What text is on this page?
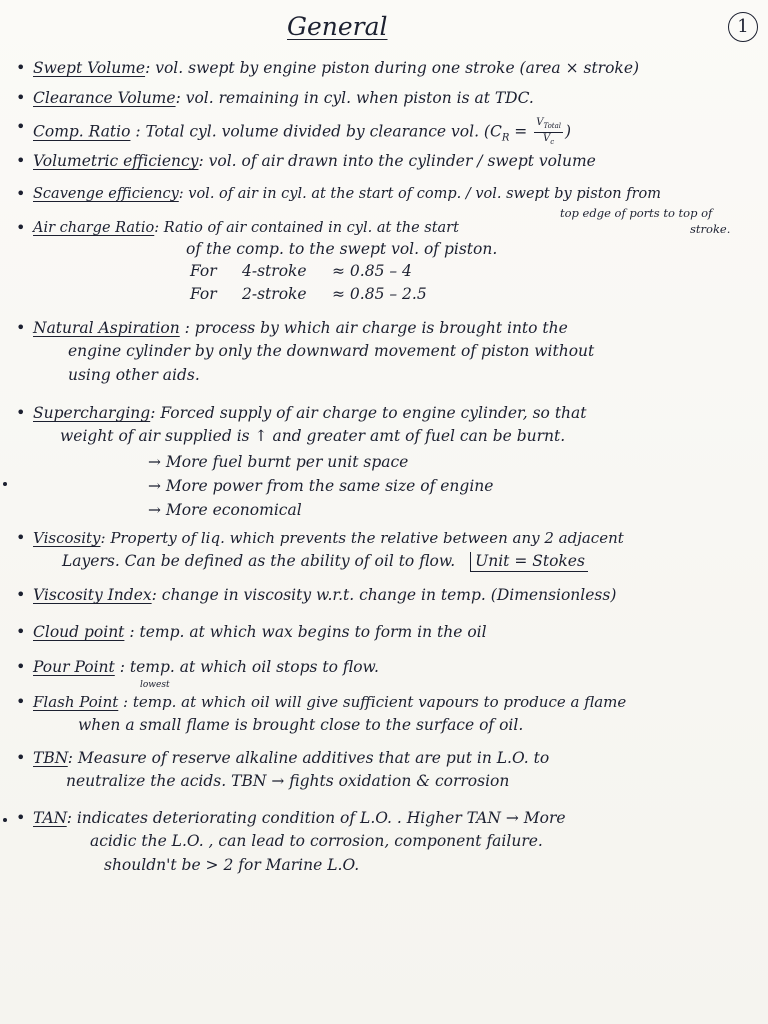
General	1
• Swept Volume: vol. swept by engine piston during one stroke (area × stroke)
• Clearance Volume: vol. remaining in cyl. when piston is at TDC.
• Comp. Ratio : Total cyl. volume divided by clearance vol. ($C_R = \frac{V_{Total}}{V_c}$ )
• Volumetric efficiency: vol. of air drawn into the cylinder / swept volume
• Scavenge efficiency: vol. of air in cyl. at the start of comp. / vol. swept by piston from
top edge of ports to top of
stroke.
• Air charge Ratio: Ratio of air contained in cyl. at the start
of the comp. to the swept vol. of piston.
For 4-stroke ≈ 0.85 – 4
For 2-stroke ≈ 0.85 – 2.5
• Natural Aspiration : process by which air charge is brought into the
engine cylinder by only the downward movement of piston without
using other aids.
• Supercharging: Forced supply of air charge to engine cylinder, so that
weight of air supplied is ↑ and greater amt of fuel can be burnt.
→ More fuel burnt per unit space
→ More power from the same size of engine
→ More economical
• Viscosity: Property of liq. which prevents the relative between any 2 adjacent
Layers. Can be defined as the ability of oil to flow. Unit = Stokes
• Viscosity Index: change in viscosity w.r.t. change in temp. (Dimensionless)
• Cloud point : temp. at which wax begins to form in the oil
• Pour Point : temp. at which oil stops to flow.
lowest
• Flash Point : temp. at which oil will give sufficient vapours to produce a flame
when a small flame is brought close to the surface of oil.
• TBN: Measure of reserve alkaline additives that are put in L.O. to
neutralize the acids. TBN → fights oxidation & corrosion
• TAN: indicates deteriorating condition of L.O. . Higher TAN → More
acidic the L.O. , can lead to corrosion, component failure.
shouldn't be > 2 for Marine L.O.
